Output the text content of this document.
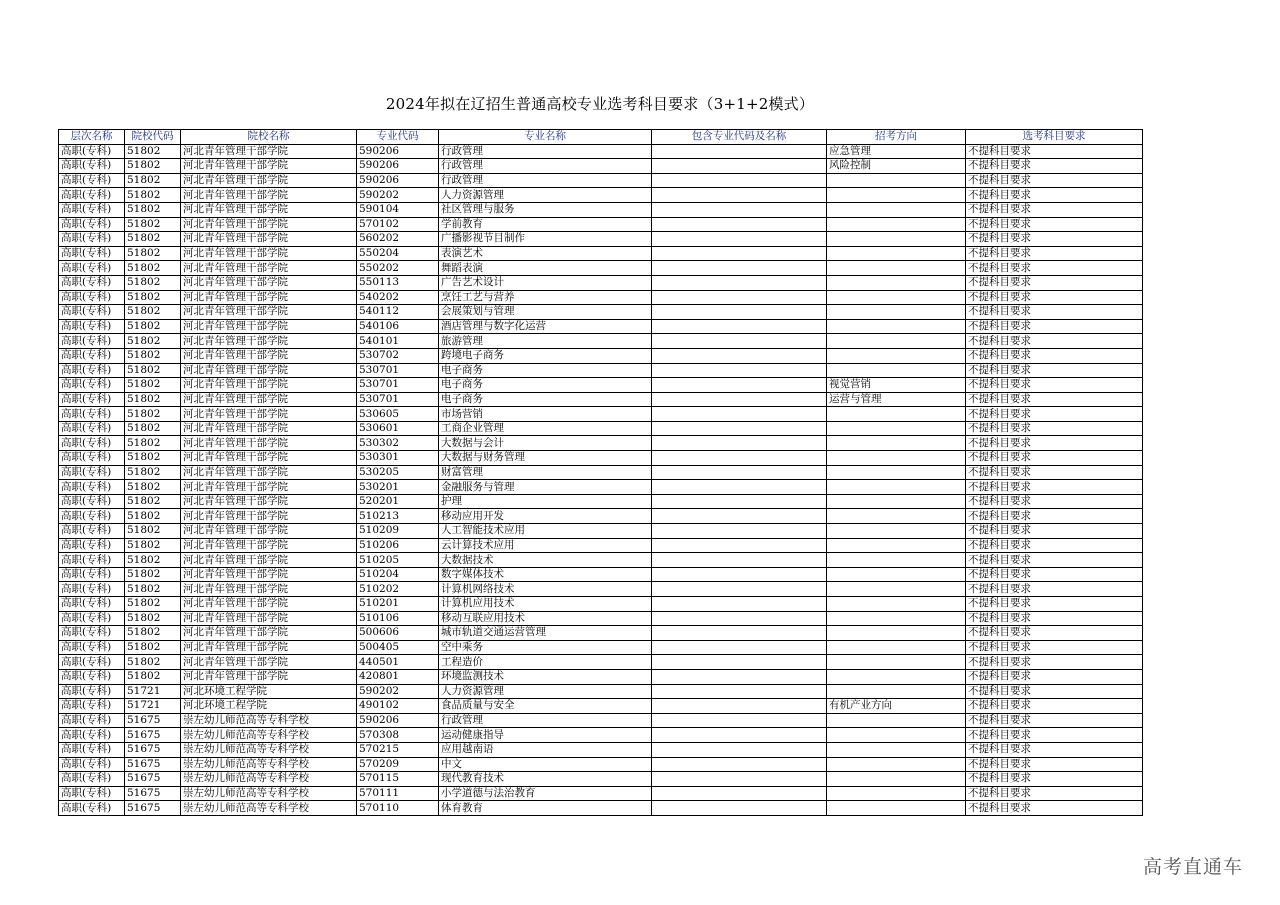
2024年拟在辽招生普通高校专业选考科目要求（3+1+2模式）
层次名称	院校代码	院校名称	专业代码	专业名称	包含专业代码及名称	招考方向	选考科目要求
高职(专科)	51802	河北青年管理干部学院	590206	行政管理		应急管理	不提科目要求
高职(专科)	51802	河北青年管理干部学院	590206	行政管理		风险控制	不提科目要求
高职(专科)	51802	河北青年管理干部学院	590206	行政管理			不提科目要求
高职(专科)	51802	河北青年管理干部学院	590202	人力资源管理			不提科目要求
高职(专科)	51802	河北青年管理干部学院	590104	社区管理与服务			不提科目要求
高职(专科)	51802	河北青年管理干部学院	570102	学前教育			不提科目要求
高职(专科)	51802	河北青年管理干部学院	560202	广播影视节目制作			不提科目要求
高职(专科)	51802	河北青年管理干部学院	550204	表演艺术			不提科目要求
高职(专科)	51802	河北青年管理干部学院	550202	舞蹈表演			不提科目要求
高职(专科)	51802	河北青年管理干部学院	550113	广告艺术设计			不提科目要求
高职(专科)	51802	河北青年管理干部学院	540202	烹饪工艺与营养			不提科目要求
高职(专科)	51802	河北青年管理干部学院	540112	会展策划与管理			不提科目要求
高职(专科)	51802	河北青年管理干部学院	540106	酒店管理与数字化运营			不提科目要求
高职(专科)	51802	河北青年管理干部学院	540101	旅游管理			不提科目要求
高职(专科)	51802	河北青年管理干部学院	530702	跨境电子商务			不提科目要求
高职(专科)	51802	河北青年管理干部学院	530701	电子商务			不提科目要求
高职(专科)	51802	河北青年管理干部学院	530701	电子商务		视觉营销	不提科目要求
高职(专科)	51802	河北青年管理干部学院	530701	电子商务		运营与管理	不提科目要求
高职(专科)	51802	河北青年管理干部学院	530605	市场营销			不提科目要求
高职(专科)	51802	河北青年管理干部学院	530601	工商企业管理			不提科目要求
高职(专科)	51802	河北青年管理干部学院	530302	大数据与会计			不提科目要求
高职(专科)	51802	河北青年管理干部学院	530301	大数据与财务管理			不提科目要求
高职(专科)	51802	河北青年管理干部学院	530205	财富管理			不提科目要求
高职(专科)	51802	河北青年管理干部学院	530201	金融服务与管理			不提科目要求
高职(专科)	51802	河北青年管理干部学院	520201	护理			不提科目要求
高职(专科)	51802	河北青年管理干部学院	510213	移动应用开发			不提科目要求
高职(专科)	51802	河北青年管理干部学院	510209	人工智能技术应用			不提科目要求
高职(专科)	51802	河北青年管理干部学院	510206	云计算技术应用			不提科目要求
高职(专科)	51802	河北青年管理干部学院	510205	大数据技术			不提科目要求
高职(专科)	51802	河北青年管理干部学院	510204	数字媒体技术			不提科目要求
高职(专科)	51802	河北青年管理干部学院	510202	计算机网络技术			不提科目要求
高职(专科)	51802	河北青年管理干部学院	510201	计算机应用技术			不提科目要求
高职(专科)	51802	河北青年管理干部学院	510106	移动互联应用技术			不提科目要求
高职(专科)	51802	河北青年管理干部学院	500606	城市轨道交通运营管理			不提科目要求
高职(专科)	51802	河北青年管理干部学院	500405	空中乘务			不提科目要求
高职(专科)	51802	河北青年管理干部学院	440501	工程造价			不提科目要求
高职(专科)	51802	河北青年管理干部学院	420801	环境监测技术			不提科目要求
高职(专科)	51721	河北环境工程学院	590202	人力资源管理			不提科目要求
高职(专科)	51721	河北环境工程学院	490102	食品质量与安全		有机产业方向	不提科目要求
高职(专科)	51675	崇左幼儿师范高等专科学校	590206	行政管理			不提科目要求
高职(专科)	51675	崇左幼儿师范高等专科学校	570308	运动健康指导			不提科目要求
高职(专科)	51675	崇左幼儿师范高等专科学校	570215	应用越南语			不提科目要求
高职(专科)	51675	崇左幼儿师范高等专科学校	570209	中文			不提科目要求
高职(专科)	51675	崇左幼儿师范高等专科学校	570115	现代教育技术			不提科目要求
高职(专科)	51675	崇左幼儿师范高等专科学校	570111	小学道德与法治教育			不提科目要求
高职(专科)	51675	崇左幼儿师范高等专科学校	570110	体育教育			不提科目要求
高考直通车
